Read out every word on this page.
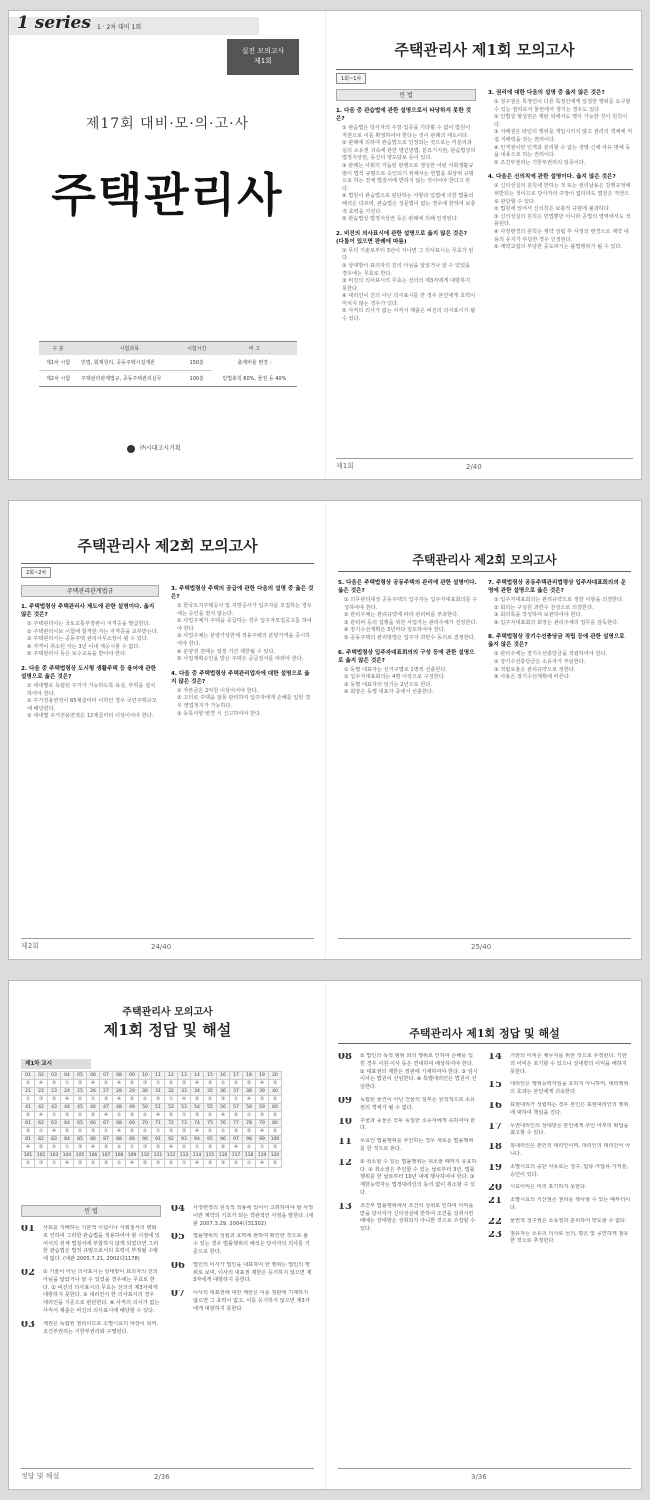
1 series 1 · 2차 대비 1회
실전 모의고사
제1회
제17회 대비·모·의·고·사
주택관리사
구 분	시험과목	시험시간	비 고
제1차 시험	민법, 회계원리, 공동주택시설개론	150분	출제비율 변경 :
제2차 시험	주택관리관계법규, 공동주택관리실무	100분	민법총칙 60%, 물권 등 40%
㈜시대고시기획
주택관리사 제1회 모의고사
1회~1차
민 법
1. 다음 중 관습법에 관한 설명으로서 타당하지 못한 것은?
① 관습법은 당사자의 주장·입증을 기다릴 수 없이 법원이 직권으로 이를 확정하여야 한다는 것이 판례의 태도이다.
② 판례에 의하여 관습법으로 인정되는 것으로는 미분리과실의 소유권 귀속에 관한 명인방법, 분묘기지권, 관습법상의 법정지상권, 동산의 양도담보 등이 있다.
③ 판례는 사회의 거듭된 관행으로 생성한 어떤 사회생활규범이 법적 규범으로 승인되기 위해서는 헌법을 최상위 규범으로 하는 전체 법질서에 반하지 않는 것이어야 한다고 본다.
④ 법원이 관습법으로 판단하는 사항과 입법에 의한 법률의 해석은 다르며, 관습법은 성문법이 없는 경우에 한하여 보충적 효력을 가진다.
⑤ 관습법상 법정지상권 등은 판례에 의해 인정된다.
2. 비진의 의사표시에 관한 설명으로 옳지 않은 것은? (다툼이 있으면 판례에 따름)
① 무의 기술로부터 3년이 지나면 그 의사표시는 무효가 된다.
② 상대방이 표의자의 진의 아님을 알았거나 알 수 있었을 경우에는 무효로 한다.
③ 비진의 의사표시의 무효는 선의의 제3자에게 대항하지 못한다.
④ 대리인이 진의 아닌 의사표시를 한 경우 본인에게 효력이 미치지 않는 경우가 있다.
⑤ 사직의 의사가 없는 사직서 제출은 비진의 의사표시가 될 수 있다.
3. 권리에 대한 다음의 설명 중 옳지 않은 것은?
① 청구권은 특정인이 다른 특정인에게 일정한 행위를 요구할 수 있는 권리로서 물권에서 생기는 경우도 있다.
② 인법상 형성권은 재판 외에서도 행사 가능한 것이 원칙이다.
③ 지배권은 타인의 행위를 개입시키지 않고 권리의 객체에 직접 지배력을 갖는 권리이다.
④ 인격권이란 인격과 분리할 수 없는 생명·신체·자유·명예 등을 내용으로 하는 권리이다.
⑤ 조건부권리는 기한부권리의 일종이다.
4. 다음은 신의칙에 관한 설명이다. 옳지 않은 것은?
① 신의성실의 원칙에 반하는 것 또는 권리남용은 강행규정에 위반되는 것이므로 당사자의 주장이 없더라도 법원은 직권으로 판단할 수 있다.
② 법원에 있어서 신의칙은 보충적 규범에 불과하다.
③ 신의성실의 원칙은 민법뿐만 아니라 공법의 영역에서도 적용된다.
④ 사정변경의 원칙은 계약 성립 후 사정의 변경으로 계약 내용의 유지가 부당한 경우 인정된다.
⑤ 계약교섭의 부당한 중도파기는 불법행위가 될 수 있다.
제1회	2/40
주택관리사 제2회 모의고사
2회~2차
주택관리관계법규
1. 주택법령상 주택관리사 제도에 관한 설명이다. 옳지 않은 것은?
① 주택관리사는 국토교통부장관이 자격증을 발급한다.
② 주택관리사보 시험에 합격한 자는 자격증을 교부받는다.
③ 주택관리사는 공동주택 관리사무소장이 될 수 있다.
④ 자격이 취소된 자는 3년 이내 재응시할 수 없다.
⑤ 주택관리사 등은 보수교육을 받아야 한다.
2. 다음 중 주택법령상 도시형 생활주택 등 용어에 관한 설명으로 옳은 것은?
① 세대별로 독립된 주거가 가능하도록 욕실, 부엌을 설치하여야 한다.
② 주거전용면적이 85제곱미터 이하인 경우 국민주택규모에 해당한다.
③ 세대별 주거전용면적은 12제곱미터 이상이어야 한다.
3. 주택법령상 주택의 공급에 관한 다음의 설명 중 옳은 것은?
① 한국토지주택공사 및 지방공사가 입주자를 모집하는 경우에는 승인을 받지 않는다.
② 사업주체가 주택을 공급하는 경우 입주자모집공고를 하여야 한다.
③ 사업주체는 분양가상한제 적용주택의 분양가격을 공시하여야 한다.
④ 분양권 전매는 일정 기간 제한될 수 있다.
⑤ 사업계획승인을 받은 주택은 공급질서를 따라야 한다.
4. 다음 중 주택법령상 주택관리업자에 대한 설명으로 옳지 않은 것은?
① 자본금은 2억원 이상이어야 한다.
② 고의로 주택을 잘못 관리하여 입주자에게 손해를 입힌 경우 영업정지가 가능하다.
③ 등록사항 변경 시 신고하여야 한다.
제2회	24/40
주택관리사 제2회 모의고사
5. 다음은 주택법령상 공동주택의 관리에 관한 설명이다. 옳은 것은?
① 의무관리대상 공동주택의 입주자는 입주자대표회의를 구성하여야 한다.
② 관리주체는 관리규약에 따라 관리비를 부과한다.
③ 관리비 등의 집행을 위한 사업자는 관리주체가 선정한다.
④ 장기수선계획은 3년마다 검토하여야 한다.
⑤ 공동주택의 관리방법은 입주자 과반수 동의로 결정한다.
6. 주택법령상 입주자대표회의의 구성 등에 관한 설명으로 옳지 않은 것은?
① 동별 대표자는 선거구별로 1명씩 선출한다.
② 입주자대표회의는 4명 이상으로 구성한다.
③ 동별 대표자의 임기는 2년으로 한다.
④ 회장은 동별 대표자 중에서 선출한다.
7. 주택법령상 공동주택관리법령상 입주자대표회의의 운영에 관한 설명으로 옳은 것은?
① 입주자대표회의는 관리규약으로 정한 사항을 의결한다.
② 회의는 구성원 과반수 찬성으로 의결한다.
③ 회의록을 작성하여 보관하여야 한다.
④ 입주자대표회의 회장은 관리주체의 업무를 감독한다.
8. 주택법령상 장기수선충당금 적립 등에 관한 설명으로 옳지 않은 것은?
① 관리주체는 장기수선충당금을 적립하여야 한다.
② 장기수선충당금은 소유자가 부담한다.
③ 적립요율은 관리규약으로 정한다.
④ 사용은 장기수선계획에 따른다.
25/40
주택관리사 모의고사
제1회 정답 및 해설
제1차 교시
01	02	03	04	05	06	07	08	09	10	11	12	13	14	15	16	17	18	19	20
⑤	④	③	①	②	④	⑤	④	②	③	①	⑤	②	④	③	①	⑤	②	④	③
21	22	23	24	25	26	27	28	29	30	31	32	33	34	35	36	37	38	39	40
①	③	②	④	⑤	①	③	④	②	⑤	③	①	④	②	⑤	③	①	④	②	⑤
41	42	43	44	45	46	47	48	49	50	51	52	53	54	55	56	57	58	59	60
②	④	①	③	⑤	②	④	①	③	⑤	④	②	①	③	⑤	④	②	①	③	⑤
61	62	63	64	65	66	67	68	69	70	71	72	73	74	75	76	77	78	79	80
③	①	④	②	⑤	③	①	④	②	⑤	①	③	②	④	⑤	①	③	②	④	⑤
81	82	83	84	85	86	87	88	89	90	91	92	93	94	95	96	97	98	99	100
④	②	⑤	①	③	④	②	⑤	①	③	②	④	⑤	①	③	②	④	⑤	①	③
101	102	103	104	105	106	107	108	109	110	111	112	113	114	115	116	117	118	119	120
⑤	③	①	④	②	⑤	③	①	④	②	③	⑤	①	④	②	③	⑤	①	④	②
민 법
01	사회를 지배하는 기본적 이념이나 사회질서의 변화로 인하여 그러한 관습법을 적용하여야 할 시점에 있어서의 전체 법질서에 부합하지 않게 되었다면 그러한 관습법은 법적 규범으로서의 효력이 부정될 수밖에 없다. (대판 2005.7.21, 2002다1178)
02	① 기술이 아닌 의사표시는 상대방이 표의자의 진의 아님을 알았거나 알 수 있었을 경우에는 무효로 한다. ② 비진의 의사표시의 무효는 선의의 제3자에게 대항하지 못한다. ③ 대리인이 한 의사표시의 경우 대리인을 기준으로 판단한다. ④ 사직의 의사가 없는 사직서 제출은 비진의 의사표시에 해당할 수 있다.
03	제권은 독립된 권리이므로 소멸시효의 대상이 되며, 조건부권리는 기한부권리와 구별된다.
04	사정변경의 원칙적 적용에 있어서 고려하여야 할 사정이란 계약의 기초가 되는 객관적인 사정을 말한다. (대판 2007.3.29, 2004다31302)
05	법률행위의 성립과 효력에 관하여 확인한 것으로 볼 수 있는 경우 법률행위의 해석은 당사자의 의사를 기준으로 한다.
06	법인의 이사가 법인을 대표하여 한 행위는 법인의 행위로 보며, 이사의 대표권 제한은 등기하지 않으면 제3자에게 대항하지 못한다.
07	이사의 대표권에 대한 제한은 이를 정관에 기재하지 않으면 그 효력이 없고, 이를 등기하지 않으면 제3자에게 대항하지 못한다.
정답 및 해설	2/36
주택관리사 제1회 정답 및 해설
08	① 법인의 목적 범위 외의 행위로 인하여 손해를 입힌 경우 사원·이사 등은 연대하여 배상하여야 한다. ② 대표권의 제한은 정관에 기재하여야 한다. ③ 임시이사는 법원이 선임한다. ④ 특별대리인은 법원이 선임한다.
09	독립된 물건이 아닌 건물의 일부는 원칙적으로 소유권의 객체가 될 수 없다.
10	주물과 종물은 모두 동일한 소유자에게 속하여야 한다.
11	무효인 법률행위를 추인하는 경우 새로운 법률행위를 한 것으로 본다.
12	① 취소할 수 있는 법률행위는 취소할 때까지 유효하다. ② 취소권은 추인할 수 있는 날로부터 3년, 법률행위를 한 날로부터 10년 내에 행사하여야 한다. ③ 제한능력자는 법정대리인의 동의 없이 취소할 수 있다.
13	조건부 법률행위에서 조건의 성취로 인하여 이익을 받을 당사자가 신의성실에 반하여 조건을 성취시킨 때에는 상대방은 성취되지 아니한 것으로 주장할 수 있다.
14	기한의 이익은 채무자를 위한 것으로 추정한다. 기한의 이익은 포기할 수 있으나 상대방의 이익을 해하지 못한다.
15	대리인은 행위능력자임을 요하지 아니하며, 대리행위의 효과는 본인에게 귀속한다.
16	표현대리가 성립하는 경우 본인은 표현대리인의 행위에 대하여 책임을 진다.
17	무권대리인의 상대방은 본인에게 추인 여부의 확답을 최고할 수 있다.
18	복대리인은 본인의 대리인이며, 대리인의 대리인이 아니다.
19	소멸시효의 중단 사유로는 청구, 압류·가압류·가처분, 승인이 있다.
20	시효이익은 미리 포기하지 못한다.
21	소멸시효의 기산점은 권리를 행사할 수 있는 때부터이다.
22	물권적 청구권은 소유권과 분리하여 양도할 수 없다.
23	점유자는 소유의 의사로 선의, 평온 및 공연하게 점유한 것으로 추정한다.
3/36
